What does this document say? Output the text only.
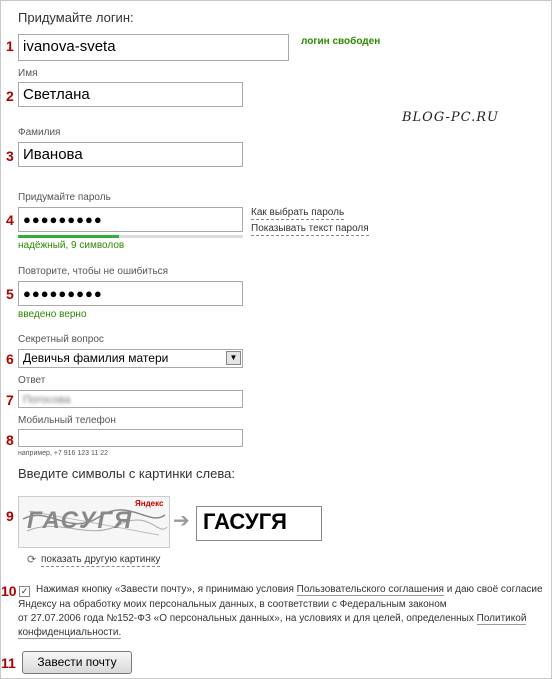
Придумайте логин:
1 ivanova-sveta	логин свободен
Имя
2 Светлана
BLOG-PC.RU
Фамилия
3 Иванова
Придумайте пароль
4 ●●●●●●●●●
надёжный, 9 символов
Как выбрать пароль
Показывать текст пароля
Повторите, чтобы не ошибиться
5 ●●●●●●●●●
введено верно
Секретный вопрос
6 Девичья фамилия матери	▼
Ответ
7 Погосова
Мобильный телефон
8
например, +7 916 123 11 22
Введите символы с картинки слева:
9 ГАСУГЯ
Яндекс
➔ ГАСУГЯ
⟳ показать другую картинку
10 ✓ Нажимая кнопку «Завести почту», я принимаю условия Пользовательского соглашения и даю своё согласие
Яндексу на обработку моих персональных данных, в соответствии с Федеральным законом
от 27.07.2006 года №152-ФЗ «О персональных данных», на условиях и для целей, определенных Политикой
конфиденциальности.
11	Завести почту
